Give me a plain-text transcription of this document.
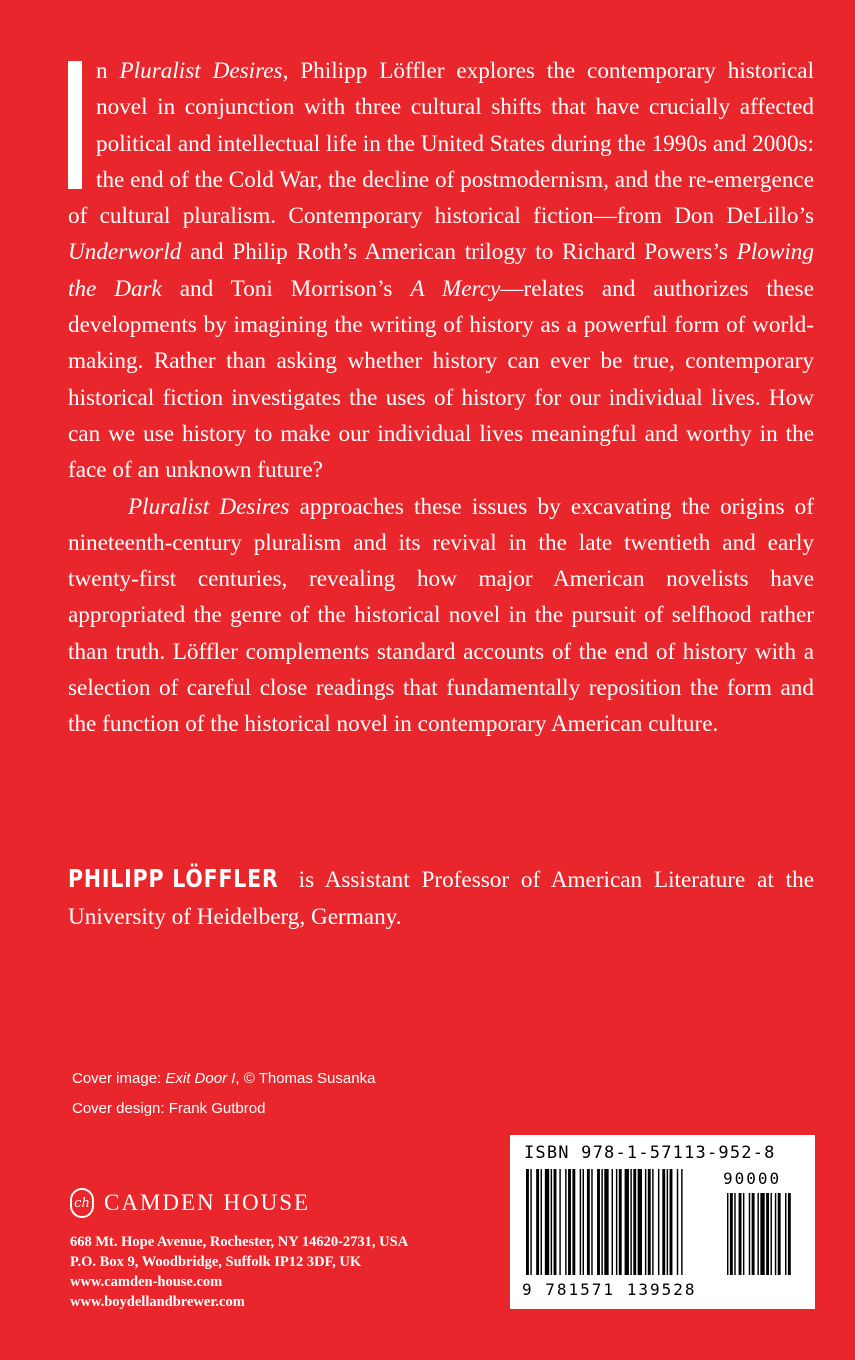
n Pluralist Desires, Philipp Löffler explores the contemporary historical novel in conjunction with three cultural shifts that have crucially affected political and intellectual life in the United States during the 1990s and 2000s: the end of the Cold War, the decline of postmodernism, and the re-emergence of cultural pluralism. Contemporary historical fiction—from Don DeLillo’s Underworld and Philip Roth’s American trilogy to Richard Powers’s Plowing the Dark and Toni Morrison’s A Mercy—relates and authorizes these developments by imagining the writing of history as a powerful form of world-making. Rather than asking whether history can ever be true, contemporary historical fiction investigates the uses of history for our individual lives. How can we use history to make our individual lives meaningful and worthy in the face of an unknown future?

Pluralist Desires approaches these issues by excavating the origins of nineteenth-century pluralism and its revival in the late twentieth and early twenty-first centuries, revealing how major American novelists have appropriated the genre of the historical novel in the pursuit of selfhood rather than truth. Löffler complements standard accounts of the end of history with a selection of careful close readings that fundamentally reposition the form and the function of the historical novel in contemporary American culture.

PHILIPP LÖFFLER is Assistant Professor of American Literature at the University of Heidelberg, Germany.

Cover image: Exit Door I, © Thomas Susanka
Cover design: Frank Gutbrod
ch CAMDEN HOUSE
668 Mt. Hope Avenue, Rochester, NY 14620-2731, USA
P.O. Box 9, Woodbridge, Suffolk IP12 3DF, UK
www.camden-house.com
www.boydellandbrewer.com
ISBN 978-1-57113-952-8
90000
9 781571 139528
